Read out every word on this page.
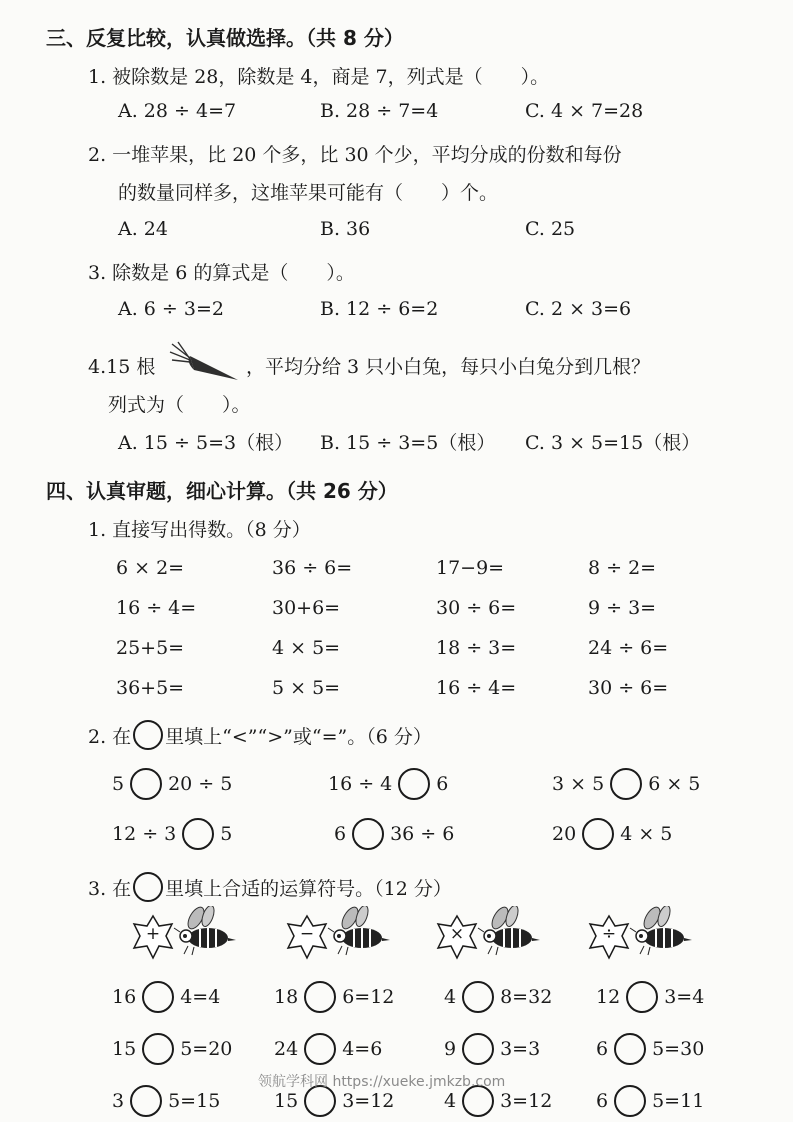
三、反复比较，认真做选择。（共 8 分）
1. 被除数是 28，除数是 4，商是 7，列式是（　　）。
A. 28 ÷ 4=7	B. 28 ÷ 7=4	C. 4 × 7=28
2. 一堆苹果，比 20 个多，比 30 个少，平均分成的份数和每份
的数量同样多，这堆苹果可能有（　　）个。
A. 24	B. 36	C. 25
3. 除数是 6 的算式是（　　）。
A. 6 ÷ 3=2	B. 12 ÷ 6=2	C. 2 × 3=6
4.15 根	，平均分给 3 只小白兔，每只小白兔分到几根？
列式为（　　）。
A. 15 ÷ 5=3（根） B. 15 ÷ 3=5（根） C. 3 × 5=15（根）
四、认真审题，细心计算。（共 26 分）
1. 直接写出得数。（8 分）
6 × 2=	36 ÷ 6=	17−9=	8 ÷ 2=
16 ÷ 4=	30+6=	30 ÷ 6=	9 ÷ 3=
25+5=	4 × 5=	18 ÷ 3=	24 ÷ 6=
36+5=	5 × 5=	16 ÷ 4=	30 ÷ 6=
2. 在 里填上“<”“>”或“=”。（6 分）
5 20 ÷ 5	16 ÷ 4 6	3 × 5 6 × 5
12 ÷ 3 5	6 36 ÷ 6	20 4 × 5
3. 在 里填上合适的运算符号。（12 分）
+	−	×	÷
16 4=4	18 6=12	4 8=32 12 3=4
15 5=20 24 4=6	9 3=3	6 5=30
3 5=15	15 3=12	4 3=12 6 5=11
领航学科网 https://xueke.jmkzb.com
